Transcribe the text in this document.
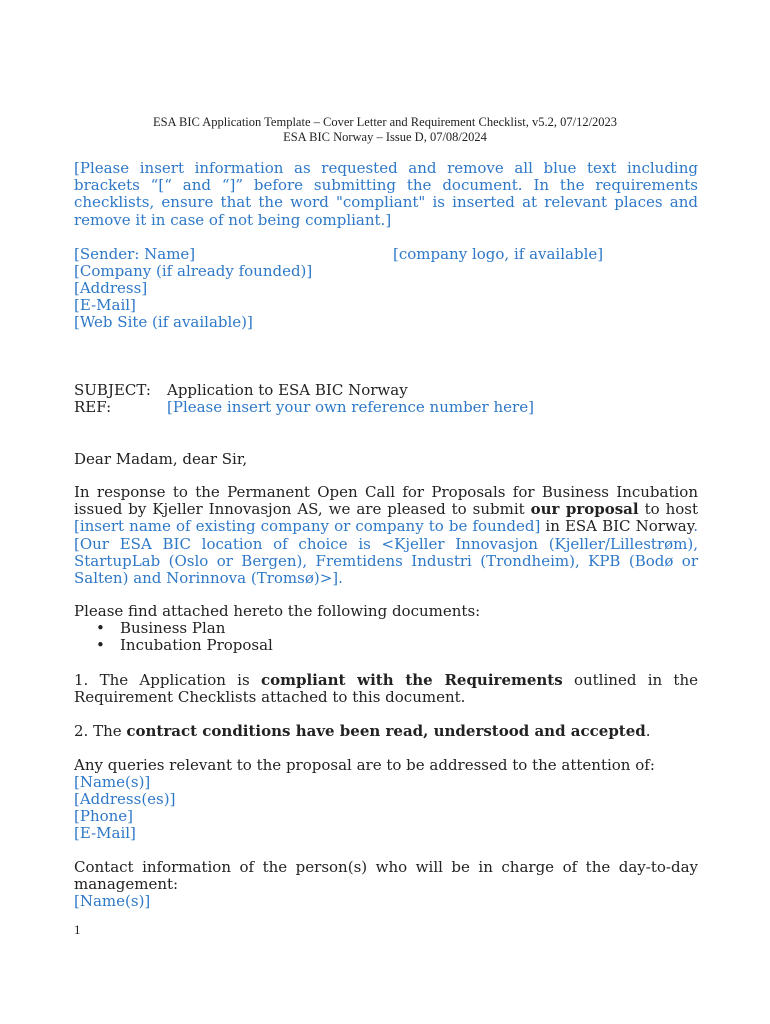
ESA BIC Application Template – Cover Letter and Requirement Checklist, v5.2, 07/12/2023
ESA BIC Norway – Issue D, 07/08/2024

[Please insert information as requested and remove all blue text including brackets “[“ and “]” before submitting the document. In the requirements checklists, ensure that the word "compliant" is inserted at relevant places and remove it in case of not being compliant.]

[Sender: Name]	[company logo, if available]
[Company (if already founded)]
[Address]
[E-Mail]
[Web Site (if available)]
SUBJECT: Application to ESA BIC Norway
REF:	[Please insert your own reference number here]
Dear Madam, dear Sir,

In response to the Permanent Open Call for Proposals for Business Incubation issued by Kjeller Innovasjon AS, we are pleased to submit our proposal to host [insert name of existing company or company to be founded] in ESA BIC Norway. [Our ESA BIC location of choice is <Kjeller Innovasjon (Kjeller/Lillestrøm), StartupLab (Oslo or Bergen), Fremtidens Industri (Trondheim), KPB (Bodø or Salten) and Norinnova (Tromsø)>].

Please find attached hereto the following documents:
• Business Plan
• Incubation Proposal

1. The Application is compliant with the Requirements outlined in the Requirement Checklists attached to this document.

2. The contract conditions have been read, understood and accepted.

Any queries relevant to the proposal are to be addressed to the attention of:
[Name(s)]
[Address(es)]
[Phone]
[E-Mail]

Contact information of the person(s) who will be in charge of the day-to-day management:

[Name(s)]
1
